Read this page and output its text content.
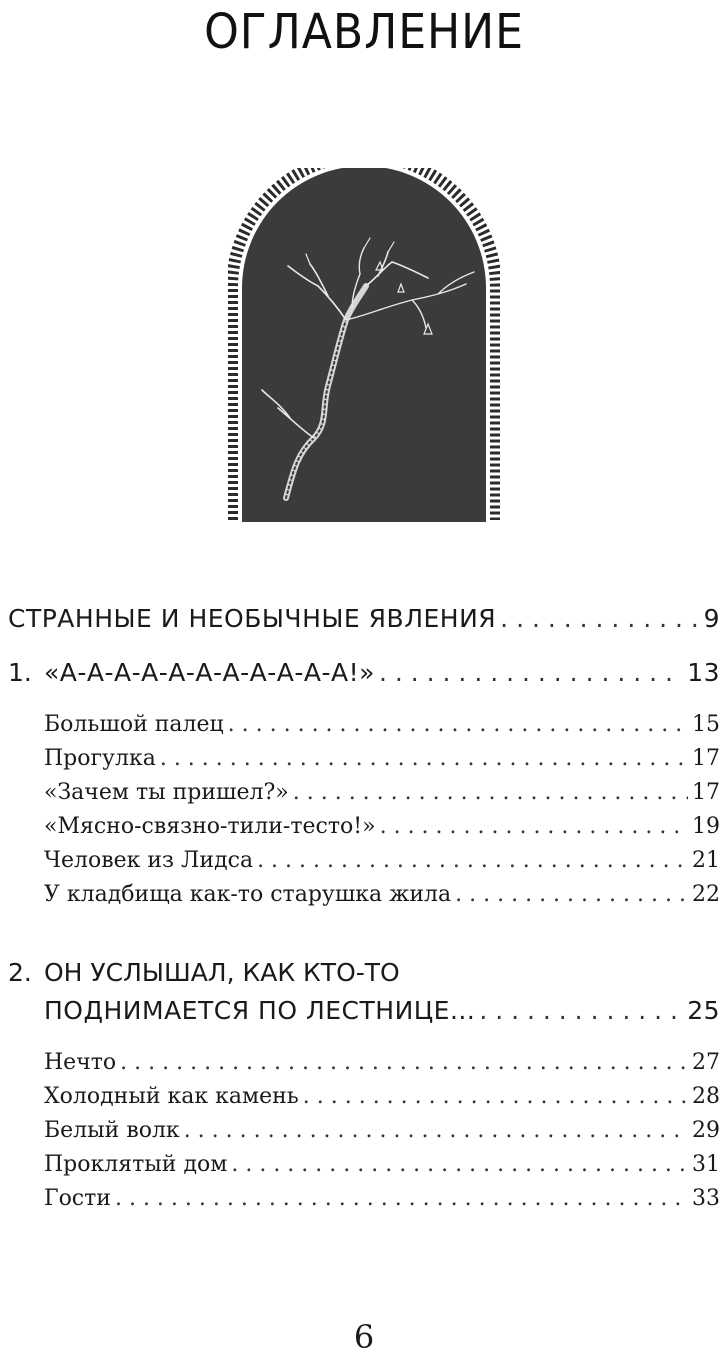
ОГЛАВЛЕНИЕ
СТРАННЫЕ И НЕОБЫЧНЫЕ ЯВЛЕНИЯ . . .	9
1. «А-А-А-А-А-А-А-А-А-А-А!» . . .	13
Большой палец . . .	15
Прогулка . . .	17
«Зачем ты пришел?» . . .	17
«Мясно-связно-тили-тесто!» . . .	19
Человек из Лидса . . .	21
У кладбища как-то старушка жила . . .	22
2. ОН УСЛЫШАЛ, КАК КТО-ТО
ПОДНИМАЕТСЯ ПО ЛЕСТНИЦЕ... . . .	25
Нечто . . .	27
Холодный как камень . . .	28
Белый волк . . .	29
Проклятый дом . . .	31
Гости . . .	33
6
